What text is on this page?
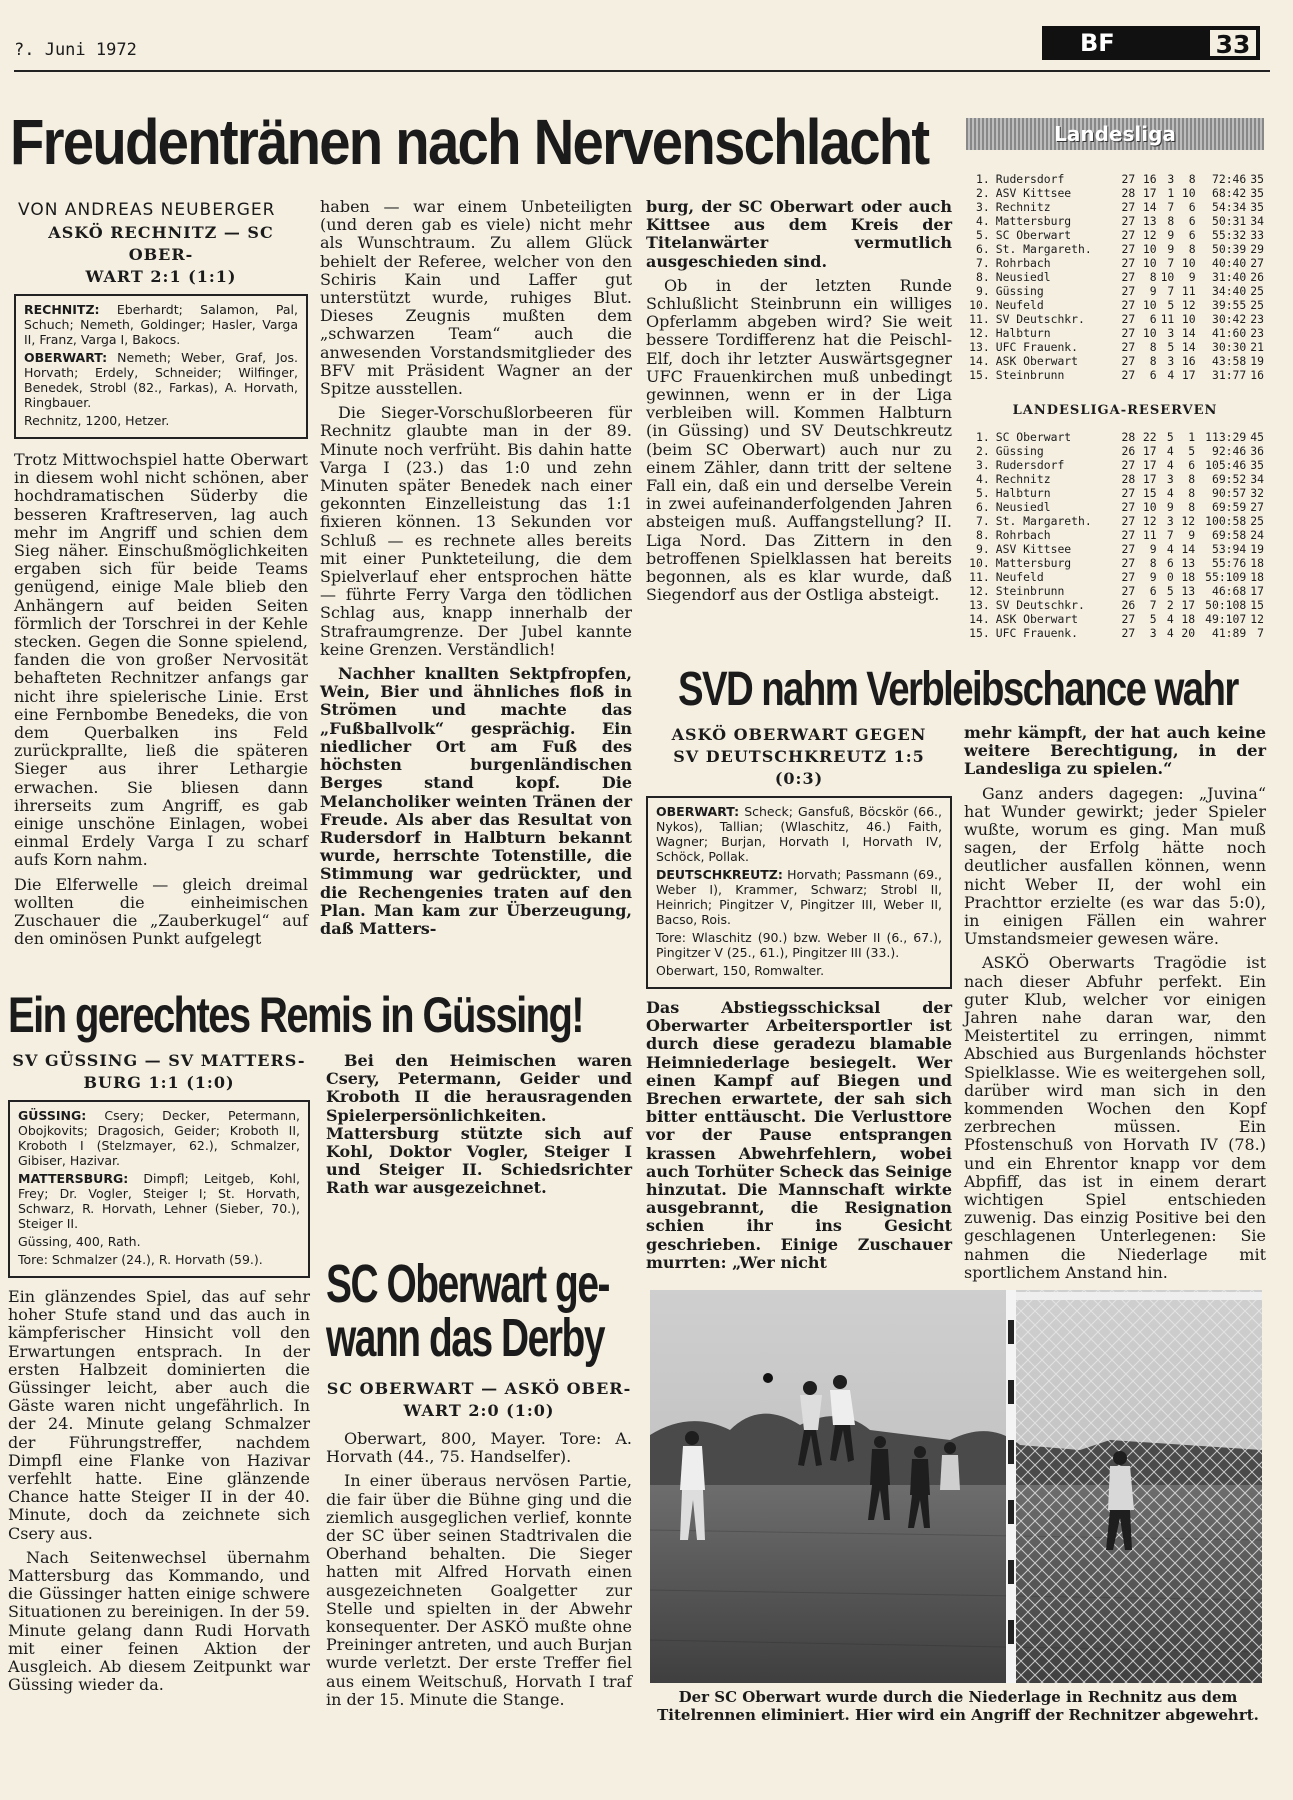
?. Juni 1972	BF	33
Freudentränen nach Nervenschlacht
VON ANDREAS NEUBERGER
ASKÖ RECHNITZ — SC OBER-
WART 2:1 (1:1)

RECHNITZ: Eberhardt; Salamon, Pal, Schuch; Nemeth, Goldinger; Hasler, Varga II, Franz, Varga I, Bakocs.

OBERWART: Nemeth; Weber, Graf, Jos. Horvath; Erdely, Schneider; Wilfinger, Benedek, Strobl (82., Farkas), A. Horvath, Ringbauer.

Rechnitz, 1200, Hetzer.

Trotz Mittwochspiel hatte Oberwart in diesem wohl nicht schönen, aber hochdramatischen Süderby die besseren Kraftreserven, lag auch mehr im Angriff und schien dem Sieg näher. Einschußmöglichkeiten ergaben sich für beide Teams genügend, einige Male blieb den Anhängern auf beiden Seiten förmlich der Torschrei in der Kehle stecken. Gegen die Sonne spielend, fanden die von großer Nervosität behafteten Rechnitzer anfangs gar nicht ihre spielerische Linie. Erst eine Fernbombe Benedeks, die von dem Querbalken ins Feld zurückprallte, ließ die späteren Sieger aus ihrer Lethargie erwachen. Sie bliesen dann ihrerseits zum Angriff, es gab einige unschöne Einlagen, wobei einmal Erdely Varga I zu scharf aufs Korn nahm.

Die Elferwelle — gleich dreimal wollten die einheimischen Zuschauer die „Zauberkugel“ auf den ominösen Punkt aufgelegt

haben — war einem Unbeteiligten (und deren gab es viele) nicht mehr als Wunschtraum. Zu allem Glück behielt der Referee, welcher von den Schiris Kain und Laffer gut unterstützt wurde, ruhiges Blut. Dieses Zeugnis mußten dem „schwarzen Team“ auch die anwesenden Vorstandsmitglieder des BFV mit Präsident Wagner an der Spitze ausstellen.

Die Sieger-Vorschußlorbeeren für Rechnitz glaubte man in der 89. Minute noch verfrüht. Bis dahin hatte Varga I (23.) das 1:0 und zehn Minuten später Benedek nach einer gekonnten Einzelleistung das 1:1 fixieren können. 13 Sekunden vor Schluß — es rechnete alles bereits mit einer Punkteteilung, die dem Spielverlauf eher entsprochen hätte — führte Ferry Varga den tödlichen Schlag aus, knapp innerhalb der Strafraumgrenze. Der Jubel kannte keine Grenzen. Verständlich!

Nachher knallten Sektpfropfen, Wein, Bier und ähnliches floß in Strömen und machte das „Fußballvolk“ gesprächig. Ein niedlicher Ort am Fuß des höchsten burgenländischen Berges stand kopf. Die Melancholiker weinten Tränen der Freude. Als aber das Resultat von Rudersdorf in Halbturn bekannt wurde, herrschte Totenstille, die Stimmung war gedrückter, und die Rechengenies traten auf den Plan. Man kam zur Überzeugung, daß Matters-

burg, der SC Oberwart oder auch Kittsee aus dem Kreis der Titelanwärter vermutlich ausgeschieden sind.

Ob in der letzten Runde Schlußlicht Steinbrunn ein williges Opferlamm abgeben wird? Sie weit bessere Tordifferenz hat die Peischl-Elf, doch ihr letzter Auswärtsgegner UFC Frauenkirchen muß unbedingt gewinnen, wenn er in der Liga verbleiben will. Kommen Halbturn (in Güssing) und SV Deutschkreutz (beim SC Oberwart) auch nur zu einem Zähler, dann tritt der seltene Fall ein, daß ein und derselbe Verein in zwei aufeinanderfolgenden Jahren absteigen muß. Auffangstellung? II. Liga Nord. Das Zittern in den betroffenen Spielklassen hat bereits begonnen, als es klar wurde, daß Siegendorf aus der Ostliga absteigt.

Landesliga
1.	Rudersdorf	27	16	3	8	72:46	35
2.	ASV Kittsee	28	17	1	10	68:42	35
3.	Rechnitz	27	14	7	6	54:34	35
4.	Mattersburg	27	13	8	6	50:31	34
5.	SC Oberwart	27	12	9	6	55:32	33
6.	St. Margareth.	27	10	9	8	50:39	29
7.	Rohrbach	27	10	7	10	40:40	27
8.	Neusiedl	27	8	10	9	31:40	26
9.	Güssing	27	9	7	11	34:40	25
10.	Neufeld	27	10	5	12	39:55	25
11.	SV Deutschkr.	27	6	11	10	30:42	23
12.	Halbturn	27	10	3	14	41:60	23
13.	UFC Frauenk.	27	8	5	14	30:30	21
14.	ASK Oberwart	27	8	3	16	43:58	19
15.	Steinbrunn	27	6	4	17	31:77	16
LANDESLIGA-RESERVEN
1.	SC Oberwart	28	22	5	1	113:29	45
2.	Güssing	26	17	4	5	92:46	36
3.	Rudersdorf	27	17	4	6	105:46	35
4.	Rechnitz	28	17	3	8	69:52	34
5.	Halbturn	27	15	4	8	90:57	32
6.	Neusiedl	27	10	9	8	69:59	27
7.	St. Margareth.	27	12	3	12	100:58	25
8.	Rohrbach	27	11	7	9	69:58	24
9.	ASV Kittsee	27	9	4	14	53:94	19
10.	Mattersburg	27	8	6	13	55:76	18
11.	Neufeld	27	9	0	18	55:109	18
12.	Steinbrunn	27	6	5	13	46:68	17
13.	SV Deutschkr.	26	7	2	17	50:108	15
14.	ASK Oberwart	27	5	4	18	49:107	12
15.	UFC Frauenk.	27	3	4	20	41:89	7
SVD nahm Verbleibschance wahr
ASKÖ OBERWART GEGEN
SV DEUTSCHKREUTZ 1:5 (0:3)

OBERWART: Scheck; Gansfuß, Böcskör (66., Nykos), Tallian; (Wlaschitz, 46.) Faith, Wagner; Burjan, Horvath I, Horvath IV, Schöck, Pollak.

DEUTSCHKREUTZ: Horvath; Passmann (69., Weber I), Krammer, Schwarz; Strobl II, Heinrich; Pingitzer V, Pingitzer III, Weber II, Bacso, Rois.

Tore: Wlaschitz (90.) bzw. Weber II (6., 67.), Pingitzer V (25., 61.), Pingitzer III (33.).

Oberwart, 150, Romwalter.

Das Abstiegsschicksal der Oberwarter Arbeitersportler ist durch diese geradezu blamable Heimniederlage besiegelt. Wer einen Kampf auf Biegen und Brechen erwartete, der sah sich bitter enttäuscht. Die Verlusttore vor der Pause entsprangen krassen Abwehrfehlern, wobei auch Torhüter Scheck das Seinige hinzutat. Die Mannschaft wirkte ausgebrannt, die Resignation schien ihr ins Gesicht geschrieben. Einige Zuschauer murrten: „Wer nicht

mehr kämpft, der hat auch keine weitere Berechtigung, in der Landesliga zu spielen.“

Ganz anders dagegen: „Juvina“ hat Wunder gewirkt; jeder Spieler wußte, worum es ging. Man muß sagen, der Erfolg hätte noch deutlicher ausfallen können, wenn nicht Weber II, der wohl ein Prachttor erzielte (es war das 5:0), in einigen Fällen ein wahrer Umstandsmeier gewesen wäre.

ASKÖ Oberwarts Tragödie ist nach dieser Abfuhr perfekt. Ein guter Klub, welcher vor einigen Jahren nahe daran war, den Meistertitel zu erringen, nimmt Abschied aus Burgenlands höchster Spielklasse. Wie es weitergehen soll, darüber wird man sich in den kommenden Wochen den Kopf zerbrechen müssen. Ein Pfostenschuß von Horvath IV (78.) und ein Ehrentor knapp vor dem Abpfiff, das ist in einem derart wichtigen Spiel entschieden zuwenig. Das einzig Positive bei den geschlagenen Unterlegenen: Sie nahmen die Niederlage mit sportlichem Anstand hin.

Ein gerechtes Remis in Güssing!
SV GÜSSING — SV MATTERS-
BURG 1:1 (1:0)

GÜSSING: Csery; Decker, Petermann, Obojkovits; Dragosich, Geider; Kroboth II, Kroboth I (Stelzmayer, 62.), Schmalzer, Gibiser, Hazivar.

MATTERSBURG: Dimpfl; Leitgeb, Kohl, Frey; Dr. Vogler, Steiger I; St. Horvath, Schwarz, R. Horvath, Lehner (Sieber, 70.), Steiger II.

Güssing, 400, Rath.

Tore: Schmalzer (24.), R. Horvath (59.).

Ein glänzendes Spiel, das auf sehr hoher Stufe stand und das auch in kämpferischer Hinsicht voll den Erwartungen entsprach. In der ersten Halbzeit dominierten die Güssinger leicht, aber auch die Gäste waren nicht ungefährlich. In der 24. Minute gelang Schmalzer der Führungstreffer, nachdem Dimpfl eine Flanke von Hazivar verfehlt hatte. Eine glänzende Chance hatte Steiger II in der 40. Minute, doch da zeichnete sich Csery aus.

Nach Seitenwechsel übernahm Mattersburg das Kommando, und die Güssinger hatten einige schwere Situationen zu bereinigen. In der 59. Minute gelang dann Rudi Horvath mit einer feinen Aktion der Ausgleich. Ab diesem Zeitpunkt war Güssing wieder da.

Bei den Heimischen waren Csery, Petermann, Geider und Kroboth II die herausragenden Spielerpersönlichkeiten. Mattersburg stützte sich auf Kohl, Doktor Vogler, Steiger I und Steiger II. Schiedsrichter Rath war ausgezeichnet.

SC Oberwart ge-
wann das Derby
SC OBERWART — ASKÖ OBER-
WART 2:0 (1:0)

Oberwart, 800, Mayer. Tore: A. Horvath (44., 75. Handselfer).

In einer überaus nervösen Partie, die fair über die Bühne ging und die ziemlich ausgeglichen verlief, konnte der SC über seinen Stadtrivalen die Oberhand behalten. Die Sieger hatten mit Alfred Horvath einen ausgezeichneten Goalgetter zur Stelle und spielten in der Abwehr konsequenter. Der ASKÖ mußte ohne Preininger antreten, und auch Burjan wurde verletzt. Der erste Treffer fiel aus einem Weitschuß, Horvath I traf in der 15. Minute die Stange.	Der SC Oberwart wurde durch die Niederlage in Rechnitz aus dem Titelrennen eliminiert. Hier wird ein Angriff der Rechnitzer abgewehrt.
